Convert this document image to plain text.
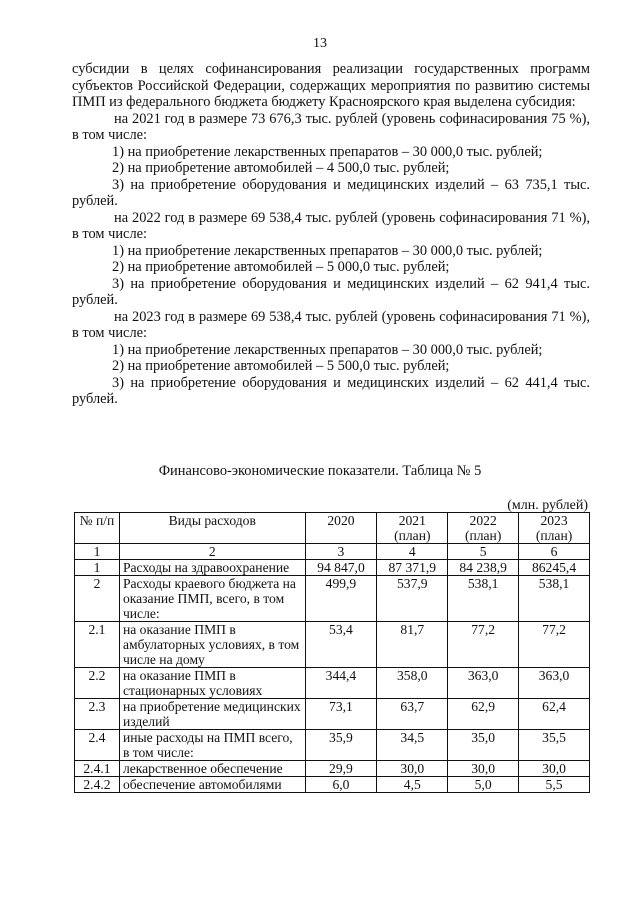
13

субсидии в целях софинансирования реализации государственных программ субъектов Российской Федерации, содержащих мероприятия по развитию системы ПМП из федерального бюджета бюджету Красноярского края выделена субсидия:

на 2021 год в размере 73 676,3 тыс. рублей (уровень софинасирования 75 %), в том числе:

1) на приобретение лекарственных препаратов – 30 000,0 тыс. рублей;

2) на приобретение автомобилей – 4 500,0 тыс. рублей;

3) на приобретение оборудования и медицинских изделий – 63 735,1 тыс. рублей.

на 2022 год в размере 69 538,4 тыс. рублей (уровень софинасирования 71 %), в том числе:

1) на приобретение лекарственных препаратов – 30 000,0 тыс. рублей;

2) на приобретение автомобилей – 5 000,0 тыс. рублей;

3) на приобретение оборудования и медицинских изделий – 62 941,4 тыс. рублей.

на 2023 год в размере 69 538,4 тыс. рублей (уровень софинасирования 71 %), в том числе:

1) на приобретение лекарственных препаратов – 30 000,0 тыс. рублей;

2) на приобретение автомобилей – 5 500,0 тыс. рублей;

3) на приобретение оборудования и медицинских изделий – 62 441,4 тыс. рублей.

Финансово-экономические показатели. Таблица № 5
(млн. рублей)
№ п/п	Виды расходов	2020	2021 (план)	2022 (план)	2023 (план)
1	2	3	4	5	6
1	Расходы на здравоохранение	94 847,0	87 371,9	84 238,9	86245,4
2	Расходы краевого бюджета на оказание ПМП, всего, в том числе:	499,9	537,9	538,1	538,1
2.1	на оказание ПМП в амбулаторных условиях, в том числе на дому	53,4	81,7	77,2	77,2
2.2	на оказание ПМП в стационарных условиях	344,4	358,0	363,0	363,0
2.3	на приобретение медицинских изделий	73,1	63,7	62,9	62,4
2.4	иные расходы на ПМП всего, в том числе:	35,9	34,5	35,0	35,5
2.4.1	лекарственное обеспечение	29,9	30,0	30,0	30,0
2.4.2	обеспечение автомобилями	6,0	4,5	5,0	5,5
